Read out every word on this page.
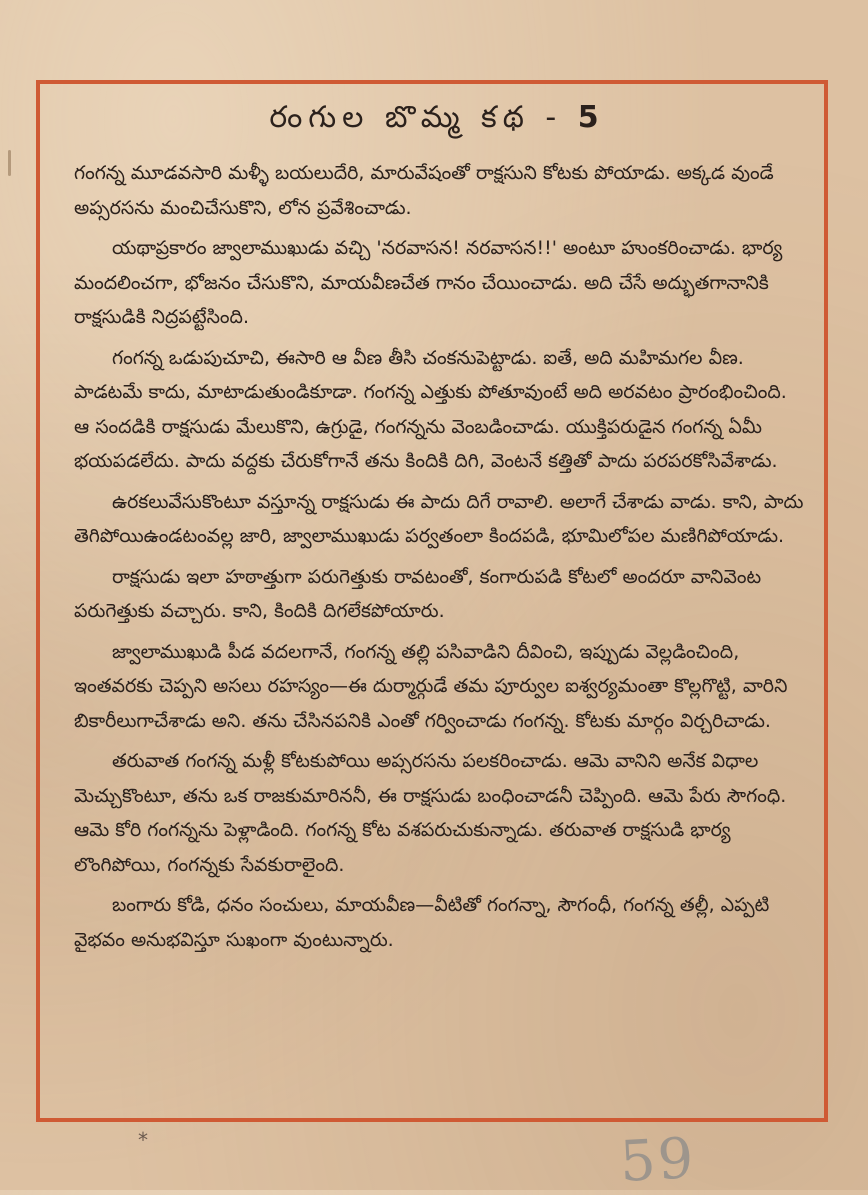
రంగుల బొమ్మ కథ - 5

గంగన్న మూడవసారి మళ్ళీ బయలుదేరి, మారువేషంతో రాక్షసుని కోటకు పోయాడు. అక్కడ వుండే అప్సరసను మంచిచేసుకొని, లోన ప్రవేశించాడు.

యథాప్రకారం జ్వాలాముఖుడు వచ్చి 'నరవాసన! నరవాసన!!' అంటూ హుంకరించాడు. భార్య మందలించగా, భోజనం చేసుకొని, మాయవీణచేత గానం చేయించాడు. అది చేసే అద్భుతగానానికి రాక్షసుడికి నిద్రపట్టేసింది.

గంగన్న ఒడుపుచూచి, ఈసారి ఆ వీణ తీసి చంకనుపెట్టాడు. ఐతే, అది మహిమగల వీణ. పాడటమే కాదు, మాటాడుతుండికూడా. గంగన్న ఎత్తుకు పోతూవుంటే అది అరవటం ప్రారంభించింది. ఆ సందడికి రాక్షసుడు మేలుకొని, ఉగ్రుడై, గంగన్నను వెంబడించాడు. యుక్తిపరుడైన గంగన్న ఏమీ భయపడలేదు. పాదు వద్దకు చేరుకోగానే తను కిందికి దిగి, వెంటనే కత్తితో పాదు పరపరకోసివేశాడు.

ఉరకలువేసుకొంటూ వస్తూన్న రాక్షసుడు ఈ పాదు దిగే రావాలి. అలాగే చేశాడు వాడు. కాని, పాదు తెగిపోయిఉండటంవల్ల జారి, జ్వాలాముఖుడు పర్వతంలా కిందపడి, భూమిలోపల మణిగిపోయాడు.

రాక్షసుడు ఇలా హఠాత్తుగా పరుగెత్తుకు రావటంతో, కంగారుపడి కోటలో అందరూ వానివెంట పరుగెత్తుకు వచ్చారు. కాని, కిందికి దిగలేకపోయారు.

జ్వాలాముఖుడి పీడ వదలగానే, గంగన్న తల్లి పసివాడిని దీవించి, ఇప్పుడు వెల్లడించింది, ఇంతవరకు చెప్పని అసలు రహస్యం—ఈ దుర్మార్గుడే తమ పూర్వుల ఐశ్వర్యమంతా కొల్లగొట్టి, వారిని బికారీలుగాచేశాడు అని. తను చేసినపనికి ఎంతో గర్వించాడు గంగన్న. కోటకు మార్గం విర్చరిచాడు.

తరువాత గంగన్న మళ్లీ కోటకుపోయి అప్సరసను పలకరించాడు. ఆమె వానిని అనేక విధాల మెచ్చుకొంటూ, తను ఒక రాజకుమారిననీ, ఈ రాక్షసుడు బంధించాడనీ చెప్పింది. ఆమె పేరు సౌగంధి. ఆమె కోరి గంగన్నను పెళ్లాడింది. గంగన్న కోట వశపరుచుకున్నాడు. తరువాత రాక్షసుడి భార్య లొంగిపోయి, గంగన్నకు సేవకురాలైంది.

బంగారు కోడి, ధనం సంచులు, మాయవీణ—వీటితో గంగన్నా, సౌగంధీ, గంగన్న తల్లీ, ఎప్పటి వైభవం అనుభవిస్తూ సుఖంగా వుంటున్నారు.

*	59
